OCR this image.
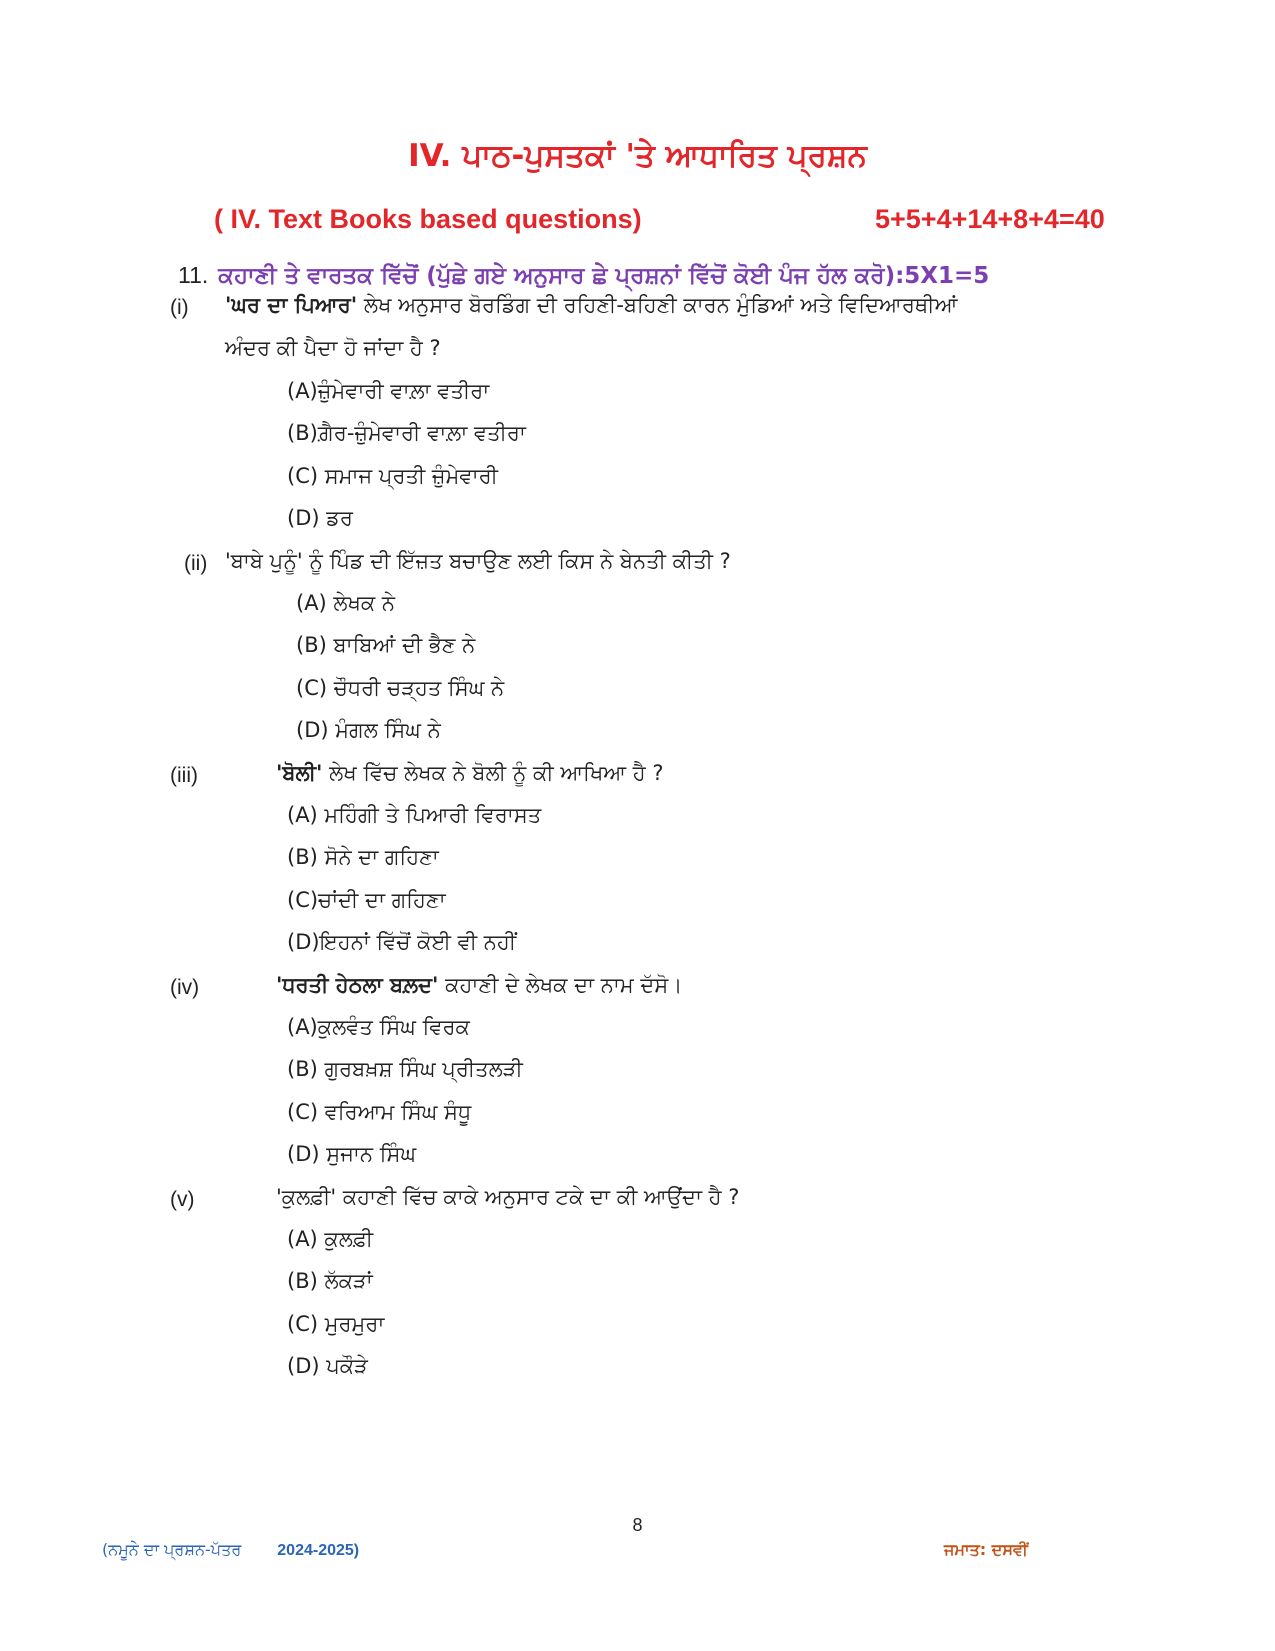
IV. ਪਾਠ-ਪੁਸਤਕਾਂ 'ਤੇ ਆਧਾਰਿਤ ਪ੍ਰਸ਼ਨ
( IV. Text Books based questions)	5+5+4+14+8+4=40
11. ਕਹਾਣੀ ਤੇ ਵਾਰਤਕ ਵਿੱਚੋਂ (ਪੁੱਛੇ ਗਏ ਅਨੁਸਾਰ ਛੇ ਪ੍ਰਸ਼ਨਾਂ ਵਿੱਚੋਂ ਕੋਈ ਪੰਜ ਹੱਲ ਕਰੋ):5X1=5
(i) 'ਘਰ ਦਾ ਪਿਆਰ' ਲੇਖ ਅਨੁਸਾਰ ਬੋਰਡਿੰਗ ਦੀ ਰਹਿਣੀ-ਬਹਿਣੀ ਕਾਰਨ ਮੁੰਡਿਆਂ ਅਤੇ ਵਿਦਿਆਰਥੀਆਂ
ਅੰਦਰ ਕੀ ਪੈਦਾ ਹੋ ਜਾਂਦਾ ਹੈ ?
(A)ਜ਼ੁੰਮੇਵਾਰੀ ਵਾਲ਼ਾ ਵਤੀਰਾ
(B)ਗ਼ੈਰ-ਜ਼ੁੰਮੇਵਾਰੀ ਵਾਲ਼ਾ ਵਤੀਰਾ
(C) ਸਮਾਜ ਪ੍ਰਤੀ ਜ਼ੁੰਮੇਵਾਰੀ
(D) ਡਰ
(ii) 'ਬਾਬੇ ਪੁਨੂੰ' ਨੂੰ ਪਿੰਡ ਦੀ ਇੱਜ਼ਤ ਬਚਾਉਣ ਲਈ ਕਿਸ ਨੇ ਬੇਨਤੀ ਕੀਤੀ ?
(A) ਲੇਖਕ ਨੇ
(B) ਬਾਬਿਆਂ ਦੀ ਭੈਣ ਨੇ
(C) ਚੌਧਰੀ ਚੜ੍ਹਤ ਸਿੰਘ ਨੇ
(D) ਮੰਗਲ ਸਿੰਘ ਨੇ
(iii)	'ਬੋਲੀ' ਲੇਖ ਵਿੱਚ ਲੇਖਕ ਨੇ ਬੋਲੀ ਨੂੰ ਕੀ ਆਖਿਆ ਹੈ ?
(A) ਮਹਿੰਗੀ ਤੇ ਪਿਆਰੀ ਵਿਰਾਸਤ
(B) ਸੋਨੇ ਦਾ ਗਹਿਣਾ
(C)ਚਾਂਦੀ ਦਾ ਗਹਿਣਾ
(D)ਇਹਨਾਂ ਵਿੱਚੋਂ ਕੋਈ ਵੀ ਨਹੀਂ
(iv)	'ਧਰਤੀ ਹੇਠਲਾ ਬਲ਼ਦ' ਕਹਾਣੀ ਦੇ ਲੇਖਕ ਦਾ ਨਾਮ ਦੱਸੋ।
(A)ਕੁਲਵੰਤ ਸਿੰਘ ਵਿਰਕ
(B) ਗੁਰਬਖ਼ਸ਼ ਸਿੰਘ ਪ੍ਰੀਤਲੜੀ
(C) ਵਰਿਆਮ ਸਿੰਘ ਸੰਧੂ
(D) ਸੁਜਾਨ ਸਿੰਘ
(v)	'ਕੁਲਫ਼ੀ' ਕਹਾਣੀ ਵਿੱਚ ਕਾਕੇ ਅਨੁਸਾਰ ਟਕੇ ਦਾ ਕੀ ਆਉਂਦਾ ਹੈ ?
(A) ਕੁਲਫ਼ੀ
(B) ਲੱਕੜਾਂ
(C) ਮੁਰਮੁਰਾ
(D) ਪਕੌੜੇ
8
(ਨਮੂਨੇ ਦਾ ਪ੍ਰਸ਼ਨ-ਪੱਤਰ 2024-2025)	ਜਮਾਤ: ਦਸਵੀਂ
